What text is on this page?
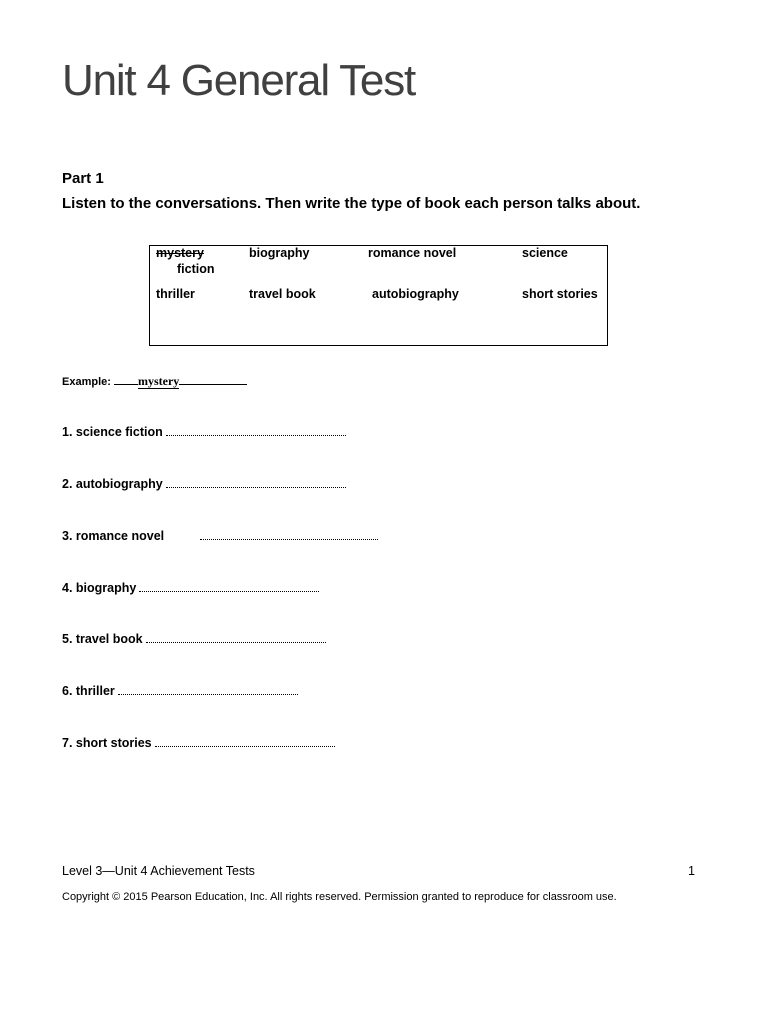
Unit 4 General Test
Part 1
Listen to the conversations. Then write the type of book each person talks about.
mystery	biography	romance novel	science
fiction
thriller	travel book	autobiography	short stories
Example: mystery
1. science fiction
2. autobiography
3. romance novel
4. biography
5. travel book
6. thriller
7. short stories
Level 3—Unit 4 Achievement Tests	1
Copyright © 2015 Pearson Education, Inc. All rights reserved. Permission granted to reproduce for classroom use.
